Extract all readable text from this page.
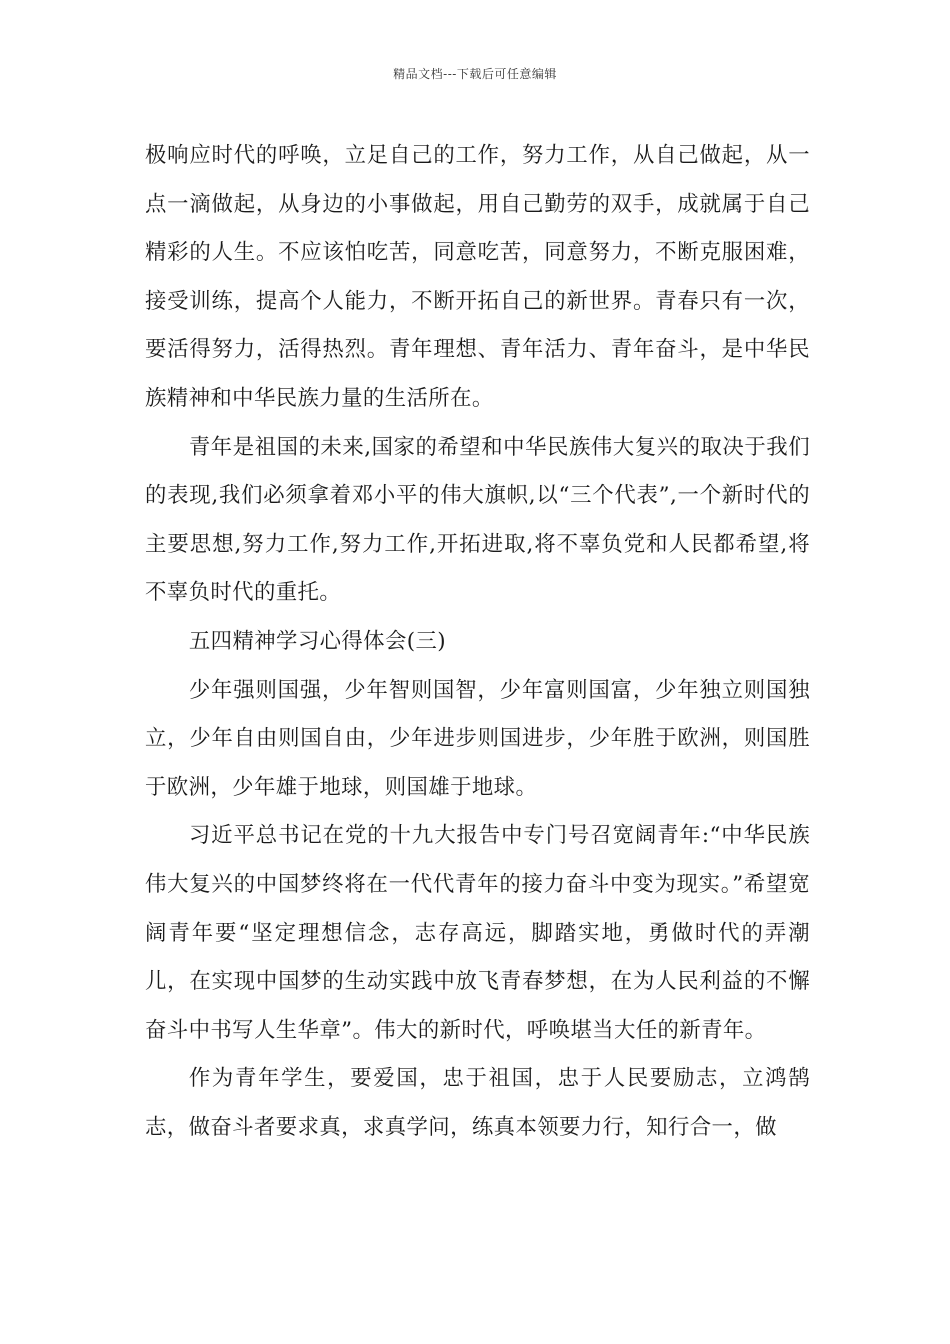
精品文档---下载后可任意编辑

极响应时代的呼唤，立足自己的工作，努力工作，从自己做起，从一点一滴做起，从身边的小事做起，用自己勤劳的双手，成就属于自己精彩的人生。不应该怕吃苦，同意吃苦，同意努力，不断克服困难，接受训练，提高个人能力，不断开拓自己的新世界。青春只有一次，要活得努力，活得热烈。青年理想、青年活力、青年奋斗，是中华民族精神和中华民族力量的生活所在。

青年是祖国的未来,国家的希望和中华民族伟大复兴的取决于我们的表现,我们必须拿着邓小平的伟大旗帜,以“三个代表”,一个新时代的主要思想,努力工作,努力工作,开拓进取,将不辜负党和人民都希望,将不辜负时代的重托。

五四精神学习心得体会(三)

少年强则国强，少年智则国智，少年富则国富，少年独立则国独立，少年自由则国自由，少年进步则国进步，少年胜于欧洲，则国胜于欧洲，少年雄于地球，则国雄于地球。

习近平总书记在党的十九大报告中专门号召宽阔青年:“中华民族伟大复兴的中国梦终将在一代代青年的接力奋斗中变为现实。”希望宽阔青年要“坚定理想信念，志存高远，脚踏实地，勇做时代的弄潮儿，在实现中国梦的生动实践中放飞青春梦想，在为人民利益的不懈奋斗中书写人生华章”。伟大的新时代，呼唤堪当大任的新青年。

作为青年学生，要爱国，忠于祖国，忠于人民要励志，立鸿鹄志，做奋斗者要求真，求真学问，练真本领要力行，知行合一，做
